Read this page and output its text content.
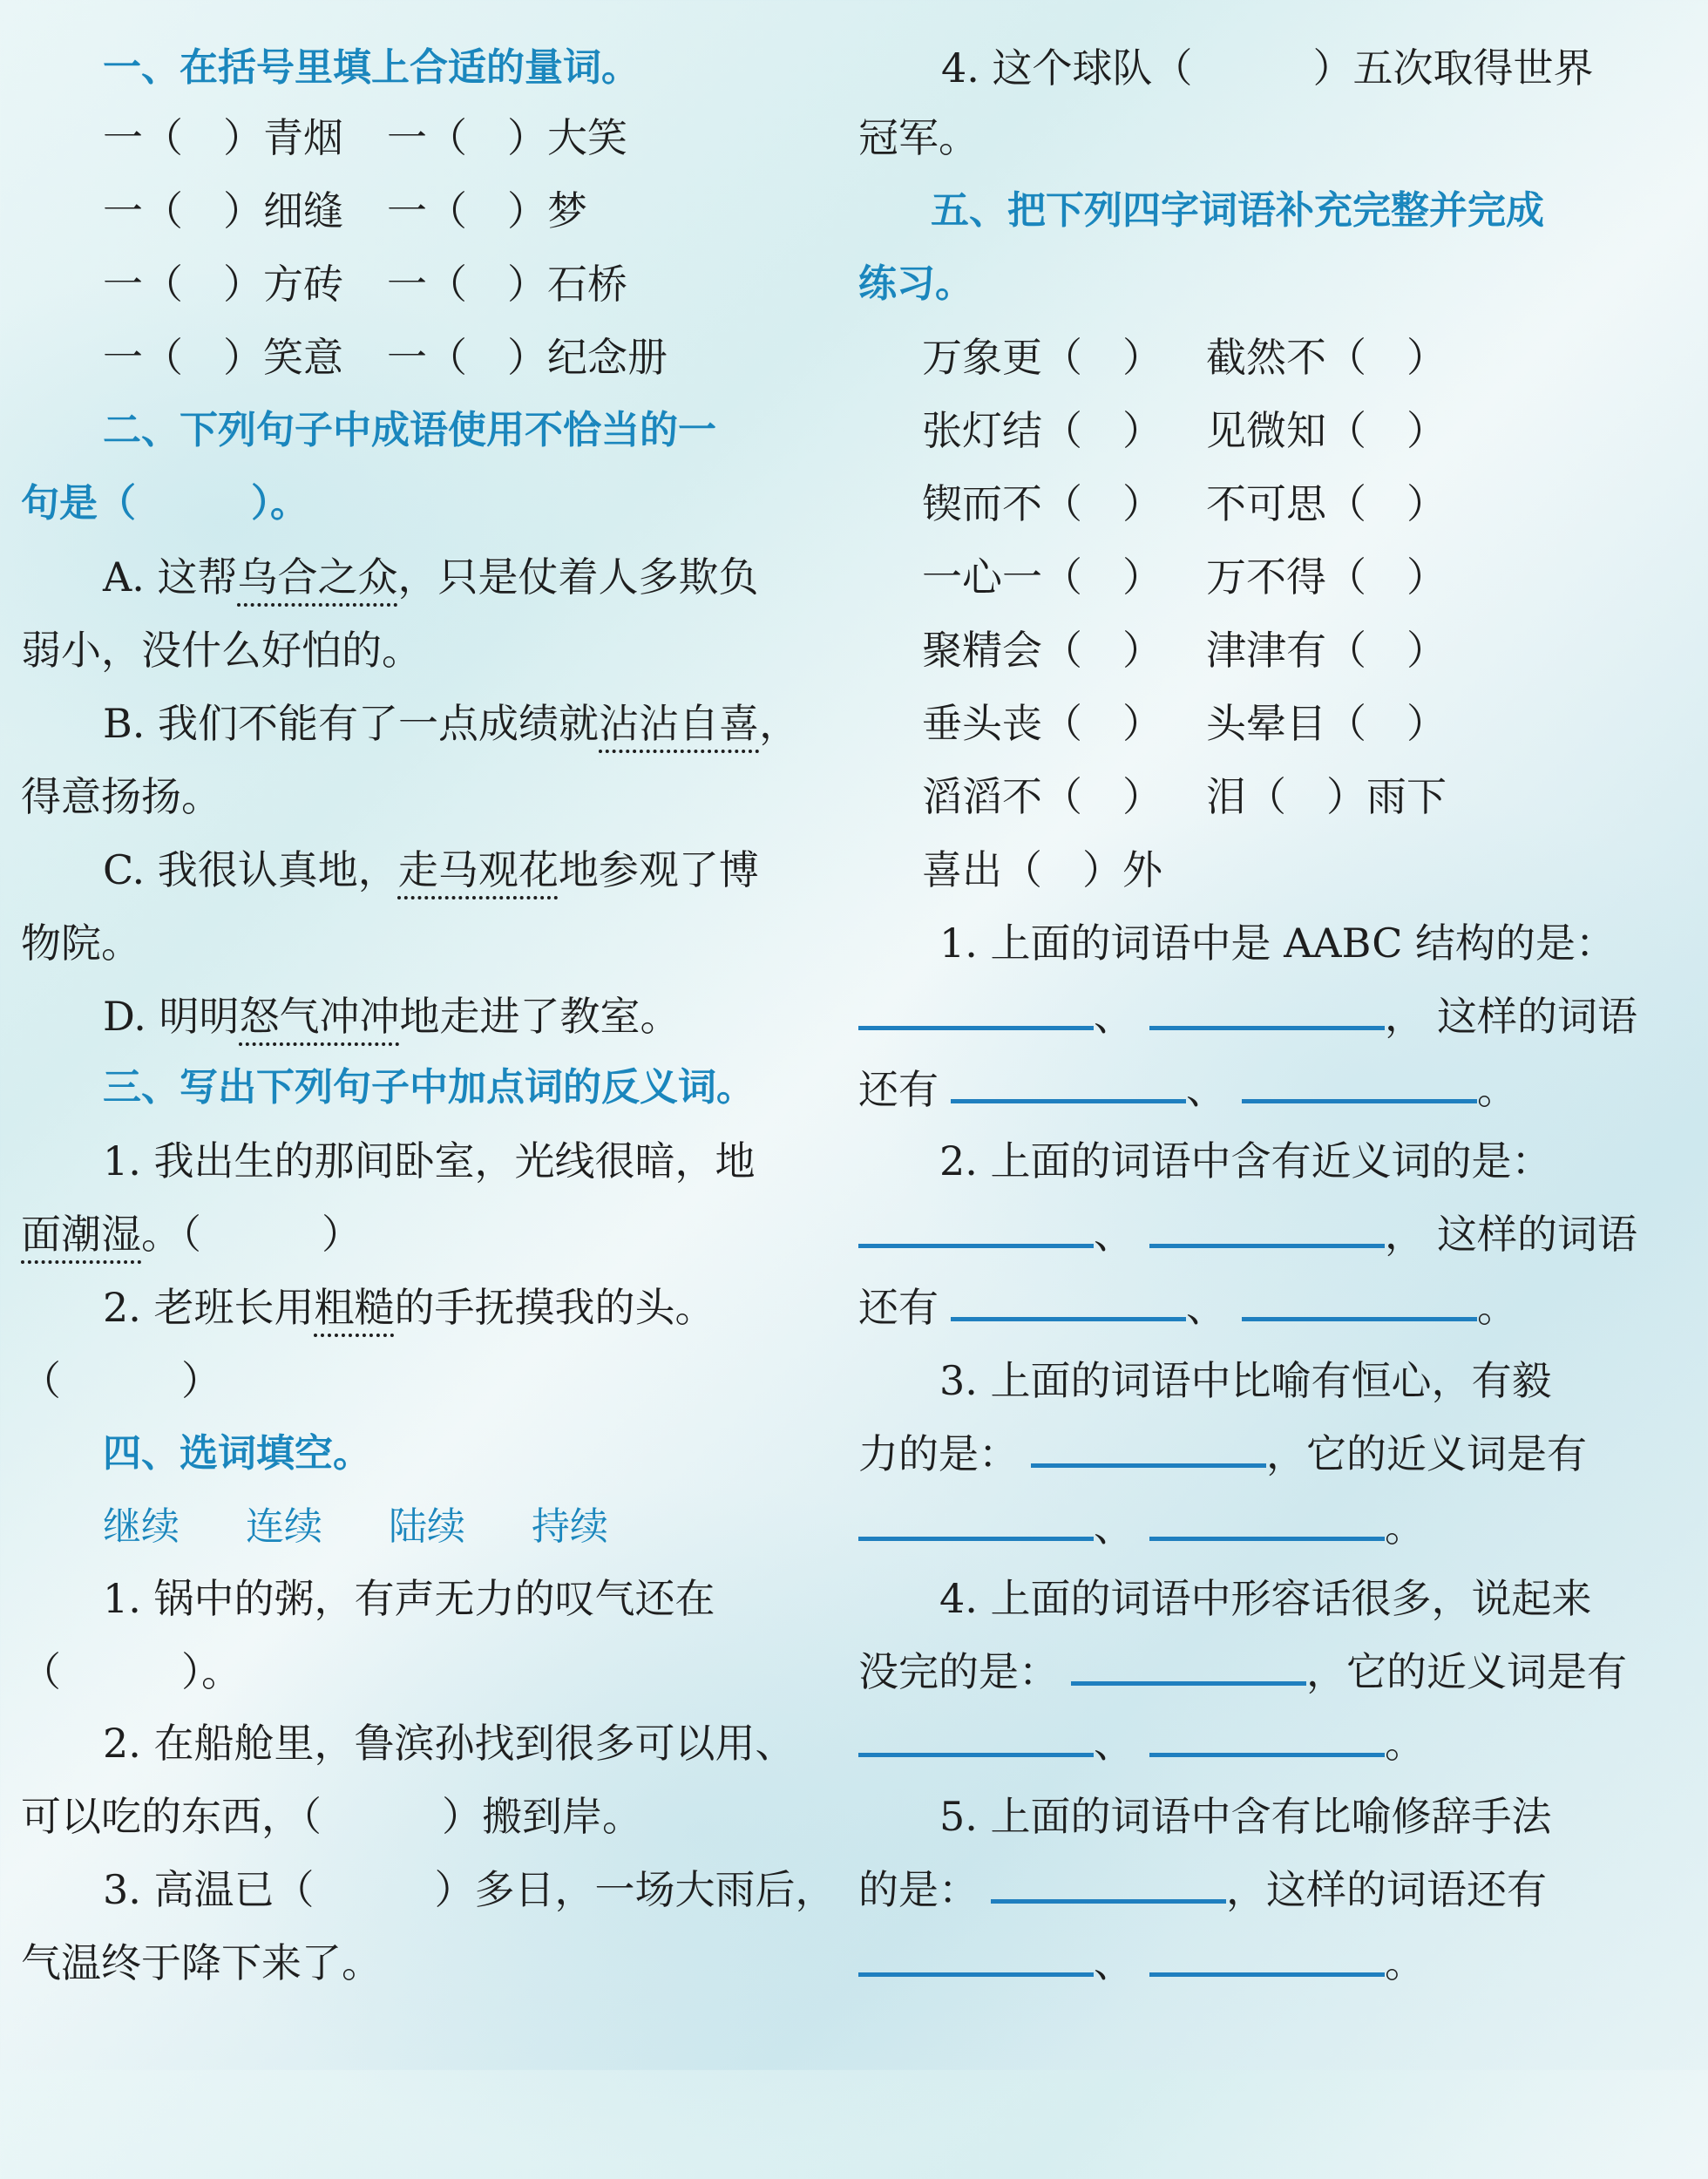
一、在括号里填上合适的量词。
一（　）青烟 一（　）大笑
一（　）细缝 一（　）梦
一（　）方砖 一（　）石桥
一（　）笑意 一（　）纪念册
二、下列句子中成语使用不恰当的一
句是（　　　）。
A. 这帮乌合之众，只是仗着人多欺负
弱小，没什么好怕的。
B. 我们不能有了一点成绩就沾沾自喜，
得意扬扬。
C. 我很认真地，走马观花地参观了博
物院。
D. 明明怒气冲冲地走进了教室。
三、写出下列句子中加点词的反义词。
1. 我出生的那间卧室，光线很暗，地
面潮湿。（　　　）
2. 老班长用粗糙的手抚摸我的头。
（　　　）
四、选词填空。
继续 连续 陆续 持续
1. 锅中的粥，有声无力的叹气还在
（　　　）。
2. 在船舱里，鲁滨孙找到很多可以用、
可以吃的东西，（　　　）搬到岸。
3. 高温已（　　　）多日，一场大雨后，
气温终于降下来了。
4. 这个球队（　　　）五次取得世界
冠军。
五、把下列四字词语补充完整并完成
练习。
万象更（　） 截然不（　）
张灯结（　） 见微知（　）
锲而不（　） 不可思（　）
一心一（　） 万不得（　）
聚精会（　） 津津有（　）
垂头丧（　） 头晕目（　）
滔滔不（　） 泪（　）雨下
喜出（　）外
1. 上面的词语中是 AABC 结构的是：
、	， 这样的词语
还有	、	。
2. 上面的词语中含有近义词的是：
、	， 这样的词语
还有	、	。
3. 上面的词语中比喻有恒心，有毅
力的是：	，它的近义词是有
、	。
4. 上面的词语中形容话很多，说起来
没完的是：	，它的近义词是有
、	。
5. 上面的词语中含有比喻修辞手法
的是：	，这样的词语还有
、	。
